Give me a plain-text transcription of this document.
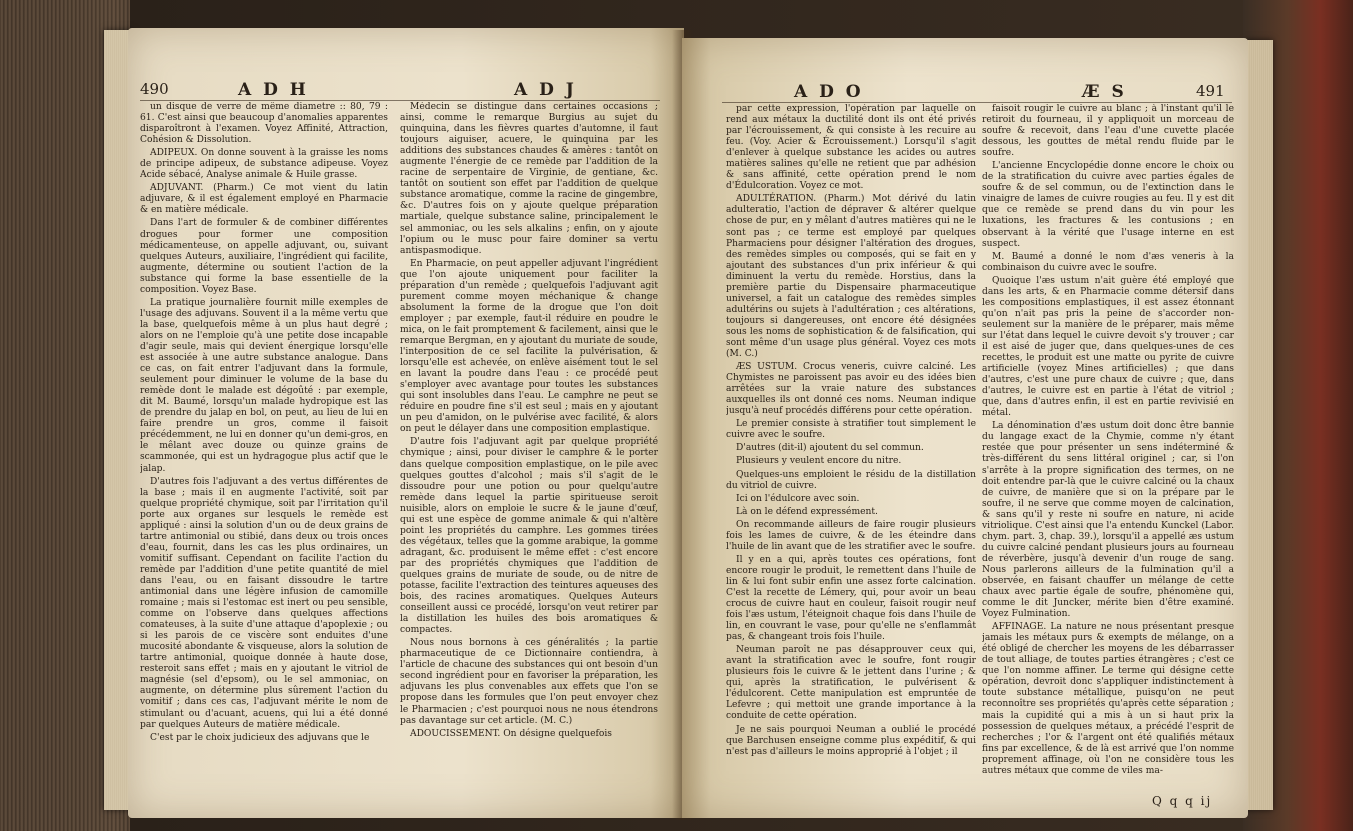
490	A D H	A D J

un disque de verre de même diametre :: 80, 79 : 61. C'est ainsi que beaucoup d'anomalies apparentes disparoîtront à l'examen. Voyez Affinité, Attraction, Cohésion & Dissolution.

ADIPEUX. On donne souvent à la graisse les noms de principe adipeux, de substance adipeuse. Voyez Acide sébacé, Analyse animale & Huile grasse.

ADJUVANT. (Pharm.) Ce mot vient du latin adjuvare, & il est également employé en Pharmacie & en matière médicale.

Dans l'art de formuler & de combiner différentes drogues pour former une composition médicamenteuse, on appelle adjuvant, ou, suivant quelques Auteurs, auxiliaire, l'ingrédient qui facilite, augmente, détermine ou soutient l'action de la substance qui forme la base essentielle de la composition. Voyez Base.

La pratique journalière fournit mille exemples de l'usage des adjuvans. Souvent il a la même vertu que la base, quelquefois même à un plus haut degré ; alors on ne l'emploie qu'à une petite dose incapable d'agir seule, mais qui devient énergique lorsqu'elle est associée à une autre substance analogue. Dans ce cas, on fait entrer l'adjuvant dans la formule, seulement pour diminuer le volume de la base du remède dont le malade est dégoûté : par exemple, dit M. Baumé, lorsqu'un malade hydropique est las de prendre du jalap en bol, on peut, au lieu de lui en faire prendre un gros, comme il faisoit précédemment, ne lui en donner qu'un demi-gros, en le mêlant avec douze ou quinze grains de scammonée, qui est un hydragogue plus actif que le jalap.

D'autres fois l'adjuvant a des vertus différentes de la base ; mais il en augmente l'activité, soit par quelque propriété chymique, soit par l'irritation qu'il porte aux organes sur lesquels le remède est appliqué : ainsi la solution d'un ou de deux grains de tartre antimonial ou stibié, dans deux ou trois onces d'eau, fournit, dans les cas les plus ordinaires, un vomitif suffisant. Cependant on facilite l'action du remède par l'addition d'une petite quantité de miel dans l'eau, ou en faisant dissoudre le tartre antimonial dans une légère infusion de camomille romaine ; mais si l'estomac est inert ou peu sensible, comme on l'observe dans quelques affections comateuses, à la suite d'une attaque d'apoplexie ; ou si les parois de ce viscère sont enduites d'une mucosité abondante & visqueuse, alors la solution de tartre antimonial, quoique donnée à haute dose, resteroit sans effet ; mais en y ajoutant le vitriol de magnésie (sel d'epsom), ou le sel ammoniac, on augmente, on détermine plus sûrement l'action du vomitif ; dans ces cas, l'adjuvant mérite le nom de stimulant ou d'acuant, acuens, qui lui a été donné par quelques Auteurs de matière médicale.

C'est par le choix judicieux des adjuvans que le

Médecin se distingue dans certaines occasions ; ainsi, comme le remarque Burgius au sujet du quinquina, dans les fièvres quartes d'automne, il faut toujours aiguiser, acuere, le quinquina par les additions des substances chaudes & amères : tantôt on augmente l'énergie de ce remède par l'addition de la racine de serpentaire de Virginie, de gentiane, &c. tantôt on soutient son effet par l'addition de quelque substance aromatique, comme la racine de gingembre, &c. D'autres fois on y ajoute quelque préparation martiale, quelque substance saline, principalement le sel ammoniac, ou les sels alkalins ; enfin, on y ajoute l'opium ou le musc pour faire dominer sa vertu antispasmodique.

En Pharmacie, on peut appeller adjuvant l'ingrédient que l'on ajoute uniquement pour faciliter la préparation d'un remède ; quelquefois l'adjuvant agit purement comme moyen méchanique & change absolument la forme de la drogue que l'on doit employer ; par exemple, faut-il réduire en poudre le mica, on le fait promptement & facilement, ainsi que le remarque Bergman, en y ajoutant du muriate de soude, l'interposition de ce sel facilite la pulvérisation, & lorsqu'elle est achevée, on enlève aisément tout le sel en lavant la poudre dans l'eau : ce procédé peut s'employer avec avantage pour toutes les substances qui sont insolubles dans l'eau. Le camphre ne peut se réduire en poudre fine s'il est seul ; mais en y ajoutant un peu d'amidon, on le pulvérise avec facilité, & alors on peut le délayer dans une composition emplastique.

D'autre fois l'adjuvant agit par quelque propriété chymique ; ainsi, pour diviser le camphre & le porter dans quelque composition emplastique, on le pile avec quelques gouttes d'alcohol ; mais s'il s'agit de le dissoudre pour une potion ou pour quelqu'autre remède dans lequel la partie spiritueuse seroit nuisible, alors on emploie le sucre & le jaune d'œuf, qui est une espèce de gomme animale & qui n'altère point les propriétés du camphre. Les gommes tirées des végétaux, telles que la gomme arabique, la gomme adragant, &c. produisent le même effet : c'est encore par des propriétés chymiques que l'addition de quelques grains de muriate de soude, ou de nitre de potasse, facilite l'extraction des teintures aqueuses des bois, des racines aromatiques. Quelques Auteurs conseillent aussi ce procédé, lorsqu'on veut retirer par la distillation les huiles des bois aromatiques & compactes.

Nous nous bornons à ces généralités ; la partie pharmaceutique de ce Dictionnaire contiendra, à l'article de chacune des substances qui ont besoin d'un second ingrédient pour en favoriser la préparation, les adjuvans les plus convenables aux effets que l'on se propose dans les formules que l'on peut envoyer chez le Pharmacien ; c'est pourquoi nous ne nous étendrons pas davantage sur cet article. (M. C.)

ADOUCISSEMENT. On désigne quelquefois

A D O	Æ S	491

par cette expression, l'opération par laquelle on rend aux métaux la ductilité dont ils ont été privés par l'écrouissement, & qui consiste à les recuire au feu. (Voy. Acier & Écrouissement.) Lorsqu'il s'agit d'enlever à quelque substance les acides ou autres matières salines qu'elle ne retient que par adhésion & sans affinité, cette opération prend le nom d'Édulcoration. Voyez ce mot.

ADULTÉRATION. (Pharm.) Mot dérivé du latin adulteratio, l'action de dépraver & altérer quelque chose de pur, en y mêlant d'autres matières qui ne le sont pas ; ce terme est employé par quelques Pharmaciens pour désigner l'altération des drogues, des remèdes simples ou composés, qui se fait en y ajoutant des substances d'un prix inférieur & qui diminuent la vertu du remède. Horstius, dans la première partie du Dispensaire pharmaceutique universel, a fait un catalogue des remèdes simples adultérins ou sujets à l'adultération ; ces altérations, toujours si dangereuses, ont encore été désignées sous les noms de sophistication & de falsification, qui sont même d'un usage plus général. Voyez ces mots (M. C.)

ÆS USTUM. Crocus veneris, cuivre calciné. Les Chymistes ne paroissent pas avoir eu des idées bien arrêtées sur la vraie nature des substances auxquelles ils ont donné ces noms. Neuman indique jusqu'à neuf procédés différens pour cette opération.

Le premier consiste à stratifier tout simplement le cuivre avec le soufre.

D'autres (dit-il) ajoutent du sel commun.

Plusieurs y veulent encore du nitre.

Quelques-uns emploient le résidu de la distillation du vitriol de cuivre.

Ici on l'édulcore avec soin.

Là on le défend expressément.

On recommande ailleurs de faire rougir plusieurs fois les lames de cuivre, & de les éteindre dans l'huile de lin avant que de les stratifier avec le soufre.

Il y en a qui, après toutes ces opérations, font encore rougir le produit, le remettent dans l'huile de lin & lui font subir enfin une assez forte calcination. C'est la recette de Lémery, qui, pour avoir un beau crocus de cuivre haut en couleur, faisoit rougir neuf fois l'æs ustum, l'éteignoit chaque fois dans l'huile de lin, en couvrant le vase, pour qu'elle ne s'enflammât pas, & changeant trois fois l'huile.

Neuman paroît ne pas désapprouver ceux qui, avant la stratification avec le soufre, font rougir plusieurs fois le cuivre & le jettent dans l'urine ; & qui, après la stratification, le pulvérisent & l'édulcorent. Cette manipulation est empruntée de Lefevre ; qui mettoit une grande importance à la conduite de cette opération.

Je ne sais pourquoi Neuman a oublié le procédé que Barchusen enseigne comme plus expéditif, & qui n'est pas d'ailleurs le moins approprié à l'objet ; il

faisoit rougir le cuivre au blanc ; à l'instant qu'il le retiroit du fourneau, il y appliquoit un morceau de soufre & recevoit, dans l'eau d'une cuvette placée dessous, les gouttes de métal rendu fluide par le soufre.

L'ancienne Encyclopédie donne encore le choix ou de la stratification du cuivre avec parties égales de soufre & de sel commun, ou de l'extinction dans le vinaigre de lames de cuivre rougies au feu. Il y est dit que ce remède se prend dans du vin pour les luxations, les fractures & les contusions ; en observant à la vérité que l'usage interne en est suspect.

M. Baumé a donné le nom d'æs veneris à la combinaison du cuivre avec le soufre.

Quoique l'æs ustum n'ait guère été employé que dans les arts, & en Pharmacie comme détersif dans les compositions emplastiques, il est assez étonnant qu'on n'ait pas pris la peine de s'accorder non-seulement sur la manière de le préparer, mais même sur l'état dans lequel le cuivre devoit s'y trouver ; car il est aisé de juger que, dans quelques-unes de ces recettes, le produit est une matte ou pyrite de cuivre artificielle (voyez Mines artificielles) ; que dans d'autres, c'est une pure chaux de cuivre ; que, dans d'autres, le cuivre est en partie à l'état de vitriol ; que, dans d'autres enfin, il est en partie revivisié en métal.

La dénomination d'æs ustum doit donc être bannie du langage exact de la Chymie, comme n'y étant restée que pour présenter un sens indéterminé & très-différent du sens littéral originel ; car, si l'on s'arrête à la propre signification des termes, on ne doit entendre par-là que le cuivre calciné ou la chaux de cuivre, de manière que si on la prépare par le soufre, il ne serve que comme moyen de calcination, & sans qu'il y reste ni soufre en nature, ni acide vitriolique. C'est ainsi que l'a entendu Kunckel (Labor. chym. part. 3, chap. 39.), lorsqu'il a appellé æs ustum du cuivre calciné pendant plusieurs jours au fourneau de réverbère, jusqu'à devenir d'un rouge de sang. Nous parlerons ailleurs de la fulmination qu'il a observée, en faisant chauffer un mélange de cette chaux avec partie égale de soufre, phénomène qui, comme le dit Juncker, mérite bien d'être examiné. Voyez Fulmination.

AFFINAGE. La nature ne nous présentant presque jamais les métaux purs & exempts de mélange, on a été obligé de chercher les moyens de les débarrasser de tout alliage, de toutes parties étrangères ; c'est ce que l'on nomme affiner. Le terme qui désigne cette opération, devroit donc s'appliquer indistinctement à toute substance métallique, puisqu'on ne peut reconnoître ses propriétés qu'après cette séparation ; mais la cupidité qui a mis à un si haut prix la possession de quelques métaux, a précédé l'esprit de recherches ; l'or & l'argent ont été qualifiés métaux fins par excellence, & de là est arrivé que l'on nomme proprement affinage, où l'on ne considère tous les autres métaux que comme de viles ma-

Q q q ij
